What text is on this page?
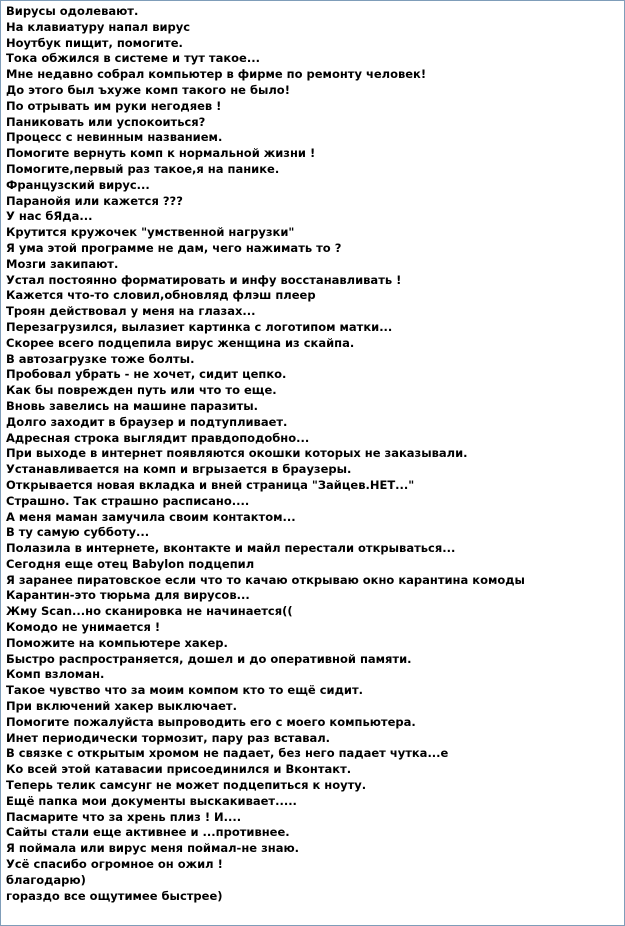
Вирусы одолевают.
На клавиатуру напал вирус
Ноутбук пищит, помогите.
Тока обжился в системе и тут такое...
Мне недавно собрал компьютер в фирме по ремонту человек!
До этого был ъхуже комп такого не было!
По отрывать им руки негодяев !
Паниковать или успокоиться?
Процесс с невинным названием.
Помогите вернуть комп к нормальной жизни !
Помогите,первый раз такое,я на панике.
Французский вирус...
Паранойя или кажется ???
У нас бЯда...
Крутится кружочек "умственной нагрузки"
Я ума этой программе не дам, чего нажимать то ?
Мозги закипают.
Устал постоянно форматировать и инфу восстанавливать !
Кажется что-то словил,обновляд флэш плеер
Троян действовал у меня на глазах...
Перезагрузился, вылазиет картинка с логотипом матки...
Скорее всего подцепила вирус женщина из скайпа.
В автозагрузке тоже болты.
Пробовал убрать - не хочет, сидит цепко.
Как бы поврежден путь или что то еще.
Вновь завелись на машине паразиты.
Долго заходит в браузер и подтупливает.
Адресная строка выглядит правдоподобно...
При выходе в интернет появляются окошки которых не заказывали.
Устанавливается на комп и вгрызается в браузеры.
Открывается новая вкладка и вней страница "Зайцев.НЕТ..."
Страшно. Так страшно расписано....
А меня маман замучила своим контактом...
В ту самую субботу...
Полазила в интернете, вконтакте и майл перестали открываться...
Сегодня еще отец Babylon подцепил
Я заранее пиратовское если что то качаю открываю окно карантина комоды
Карантин-это тюрьма для вирусов...
Жму Scan...но сканировка не начинается((
Комодо не унимается !
Поможите на компьютере хакер.
Быстро распространяется, дошел и до оперативной памяти.
Комп взломан.
Такое чувство что за моим компом кто то ещё сидит.
При включений хакер выключает.
Помогите пожалуйста выпроводить его с моего компьютера.
Инет периодически тормозит, пару раз вставал.
В связке с открытым хромом не падает, без него падает чутка...е
Ко всей этой катавасии присоединился и Вконтакт.
Теперь телик самсунг не может подцепиться к ноуту.
Ещё папка мои документы выскакивает.....
Пасмарите что за хрень плиз ! И....
Сайты стали еще активнее и ...противнее.
Я поймала или вирус меня поймал-не знаю.
Усё спасибо огромное он ожил !
благодарю)
гораздо все ощутимее быстрее)
